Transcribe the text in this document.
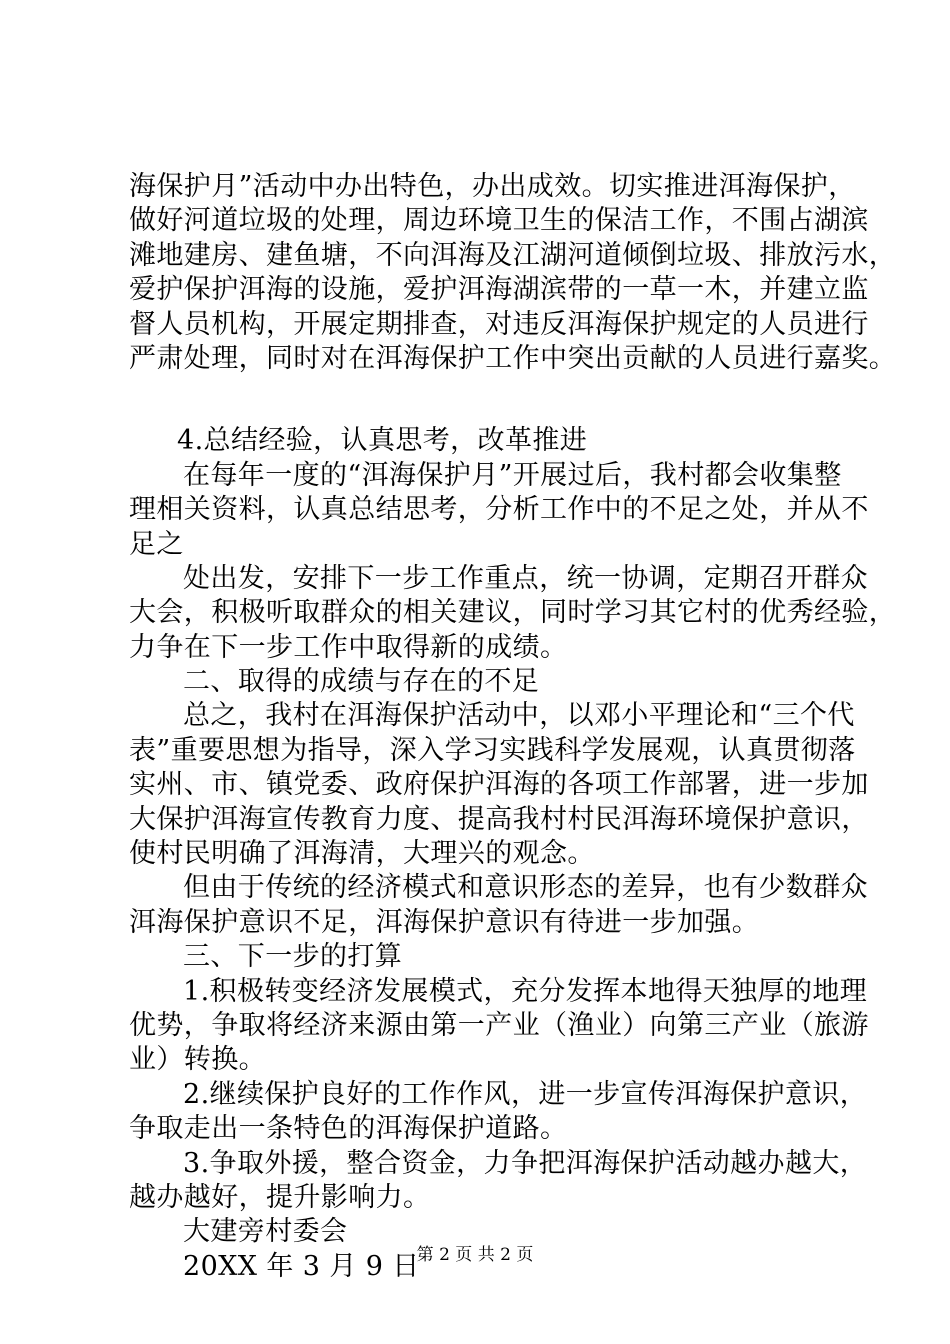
海保护月”活动中办出特色，办出成效。切实推进洱海保护，
做好河道垃圾的处理，周边环境卫生的保洁工作，不围占湖滨
滩地建房、建鱼塘，不向洱海及江湖河道倾倒垃圾、排放污水，
爱护保护洱海的设施，爱护洱海湖滨带的一草一木，并建立监
督人员机构，开展定期排查，对违反洱海保护规定的人员进行
严肃处理，同时对在洱海保护工作中突出贡献的人员进行嘉奖。
4.总结经验，认真思考，改革推进
在每年一度的“洱海保护月”开展过后，我村都会收集整
理相关资料，认真总结思考，分析工作中的不足之处，并从不
足之
处出发，安排下一步工作重点，统一协调，定期召开群众
大会，积极听取群众的相关建议，同时学习其它村的优秀经验，
力争在下一步工作中取得新的成绩。
二、取得的成绩与存在的不足
总之，我村在洱海保护活动中，以邓小平理论和“三个代
表”重要思想为指导，深入学习实践科学发展观，认真贯彻落
实州、市、镇党委、政府保护洱海的各项工作部署，进一步加
大保护洱海宣传教育力度、提高我村村民洱海环境保护意识，
使村民明确了洱海清，大理兴的观念。
但由于传统的经济模式和意识形态的差异，也有少数群众
洱海保护意识不足，洱海保护意识有待进一步加强。
三、下一步的打算
1.积极转变经济发展模式，充分发挥本地得天独厚的地理
优势，争取将经济来源由第一产业（渔业）向第三产业（旅游
业）转换。
2.继续保护良好的工作作风，进一步宣传洱海保护意识，
争取走出一条特色的洱海保护道路。
3.争取外援，整合资金，力争把洱海保护活动越办越大，
越办越好，提升影响力。
大建旁村委会
20XX 年 3 月 9 日
第 2 页 共 2 页
